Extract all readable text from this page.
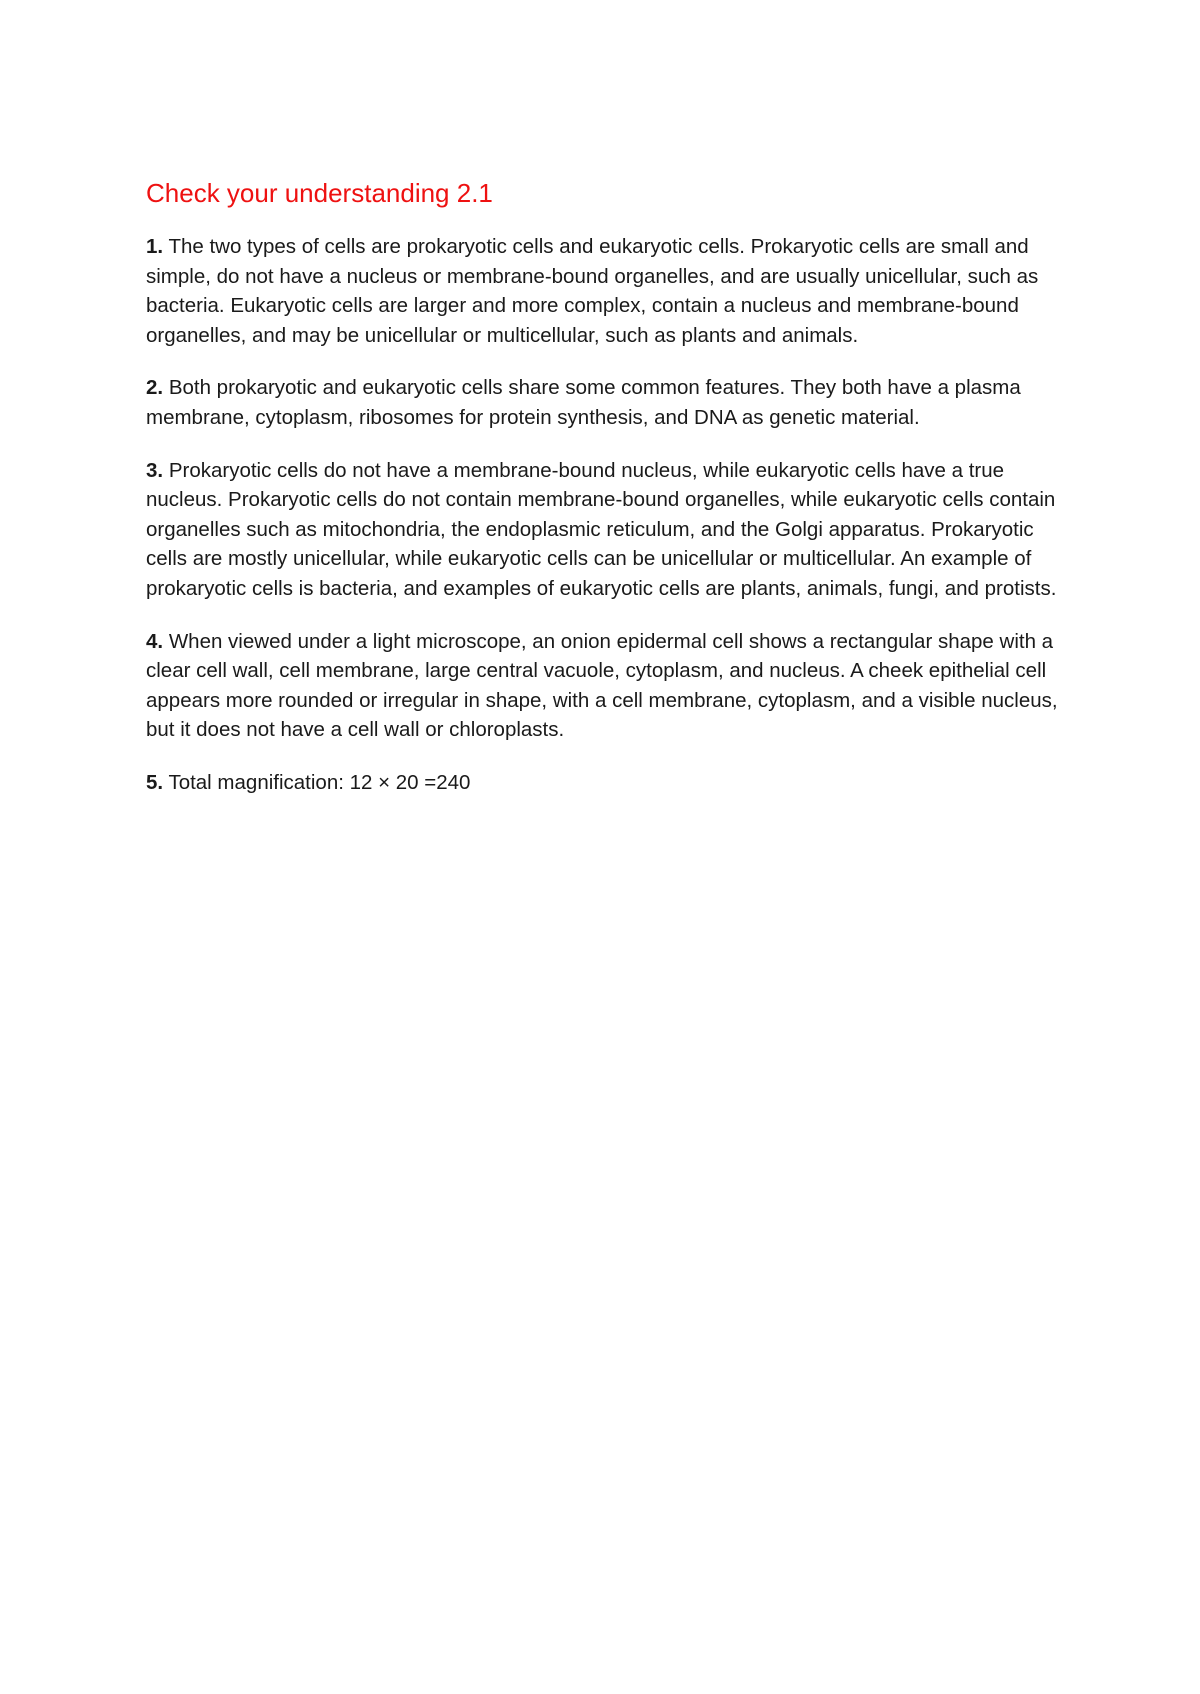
Check your understanding 2.1

1. The two types of cells are prokaryotic cells and eukaryotic cells. Prokaryotic cells are small and simple, do not have a nucleus or membrane-bound organelles, and are usually unicellular, such as bacteria. Eukaryotic cells are larger and more complex, contain a nucleus and membrane-bound organelles, and may be unicellular or multicellular, such as plants and animals.

2. Both prokaryotic and eukaryotic cells share some common features. They both have a plasma membrane, cytoplasm, ribosomes for protein synthesis, and DNA as genetic material.

3. Prokaryotic cells do not have a membrane-bound nucleus, while eukaryotic cells have a true nucleus. Prokaryotic cells do not contain membrane-bound organelles, while eukaryotic cells contain organelles such as mitochondria, the endoplasmic reticulum, and the Golgi apparatus. Prokaryotic cells are mostly unicellular, while eukaryotic cells can be unicellular or multicellular. An example of prokaryotic cells is bacteria, and examples of eukaryotic cells are plants, animals, fungi, and protists.

4. When viewed under a light microscope, an onion epidermal cell shows a rectangular shape with a clear cell wall, cell membrane, large central vacuole, cytoplasm, and nucleus. A cheek epithelial cell appears more rounded or irregular in shape, with a cell membrane, cytoplasm, and a visible nucleus, but it does not have a cell wall or chloroplasts.

5. Total magnification: 12 × 20 =240
